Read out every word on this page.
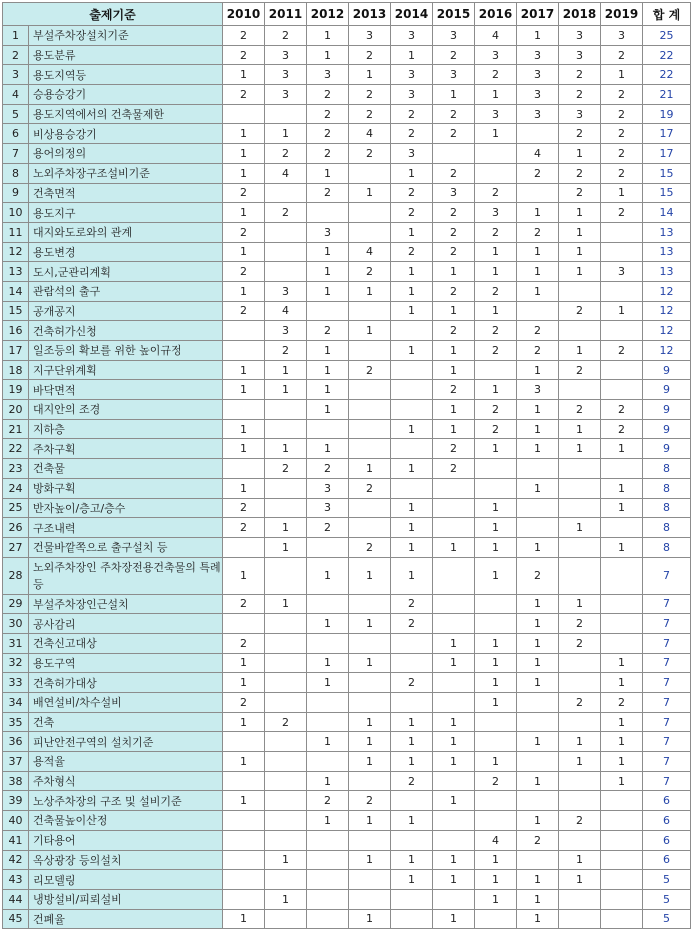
출제기준		2010	2011	2012	2013	2014	2015	2016	2017	2018	2019	합 계
1	부설주차장설치기준	2	2	1	3	3	3	4	1	3	3	25
2	용도분류	2	3	1	2	1	2	3	3	3	2	22
3	용도지역등	1	3	3	1	3	3	2	3	2	1	22
4	승용승강기	2	3	2	2	3	1	1	3	2	2	21
5	용도지역에서의 건축물제한			2	2	2	2	3	3	3	2	19
6	비상용승강기	1	1	2	4	2	2	1		2	2	17
7	용어의정의	1	2	2	2	3			4	1	2	17
8	노외주차장구조설비기준	1	4	1		1	2		2	2	2	15
9	건축면적	2		2	1	2	3	2		2	1	15
10	용도지구	1	2			2	2	3	1	1	2	14
11	대지와도로와의 관계	2		3		1	2	2	2	1		13
12	용도변경	1		1	4	2	2	1	1	1		13
13	도시,군관리계획	2		1	2	1	1	1	1	1	3	13
14	관람석의 출구	1	3	1	1	1	2	2	1			12
15	공개공지	2	4			1	1	1		2	1	12
16	건축허가신청		3	2	1		2	2	2			12
17	일조등의 확보를 위한 높이규정		2	1		1	1	2	2	1	2	12
18	지구단위계획	1	1	1	2		1		1	2		9
19	바닥면적	1	1	1			2	1	3			9
20	대지안의 조경			1			1	2	1	2	2	9
21	지하층	1				1	1	2	1	1	2	9
22	주차구획	1	1	1			2	1	1	1	1	9
23	건축물		2	2	1	1	2					8
24	방화구획	1		3	2				1		1	8
25	반자높이/층고/층수	2		3		1		1			1	8
26	구조내력	2	1	2		1		1		1		8
27	건물바깥쪽으로 출구설치 등		1		2	1	1	1	1		1	8
28	노외주차장인 주차장전용건축물의 특례 등	1		1	1	1		1	2			7
29	부설주차장인근설치	2	1			2			1	1		7
30	공사감리			1	1	2			1	2		7
31	건축신고대상	2					1	1	1	2		7
32	용도구역	1		1	1		1	1	1		1	7
33	건축허가대상	1		1		2		1	1		1	7
34	배연설비/차수설비	2						1		2	2	7
35	건축	1	2		1	1	1				1	7
36	피난안전구역의 설치기준			1	1	1	1		1	1	1	7
37	용적율	1			1	1	1	1		1	1	7
38	주차형식			1		2		2	1		1	7
39	노상주차장의 구조 및 설비기준	1		2	2		1					6
40	건축물높이산정			1	1	1			1	2		6
41	기타용어							4	2			6
42	옥상광장 등의설치		1		1	1	1	1		1		6
43	리모델링					1	1	1	1	1		5
44	냉방설비/피뢰설비		1					1	1			5
45	건폐율	1			1		1		1			5
